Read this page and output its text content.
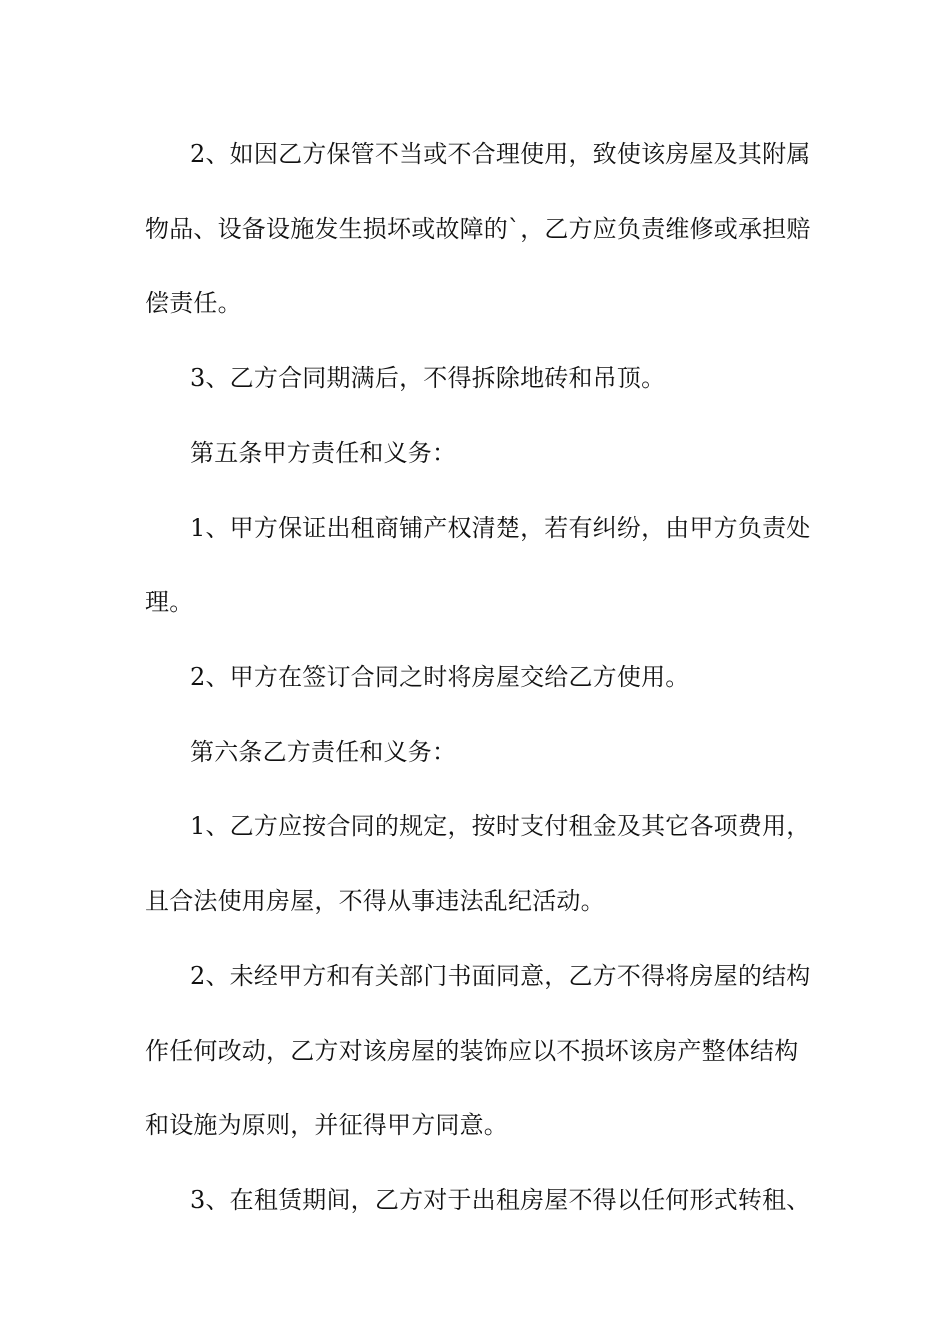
2、如因乙方保管不当或不合理使用，致使该房屋及其附属
物品、设备设施发生损坏或故障的`，乙方应负责维修或承担赔
偿责任。
3、乙方合同期满后，不得拆除地砖和吊顶。
第五条甲方责任和义务：
1、甲方保证出租商铺产权清楚，若有纠纷，由甲方负责处
理。
2、甲方在签订合同之时将房屋交给乙方使用。
第六条乙方责任和义务：
1、乙方应按合同的规定，按时支付租金及其它各项费用，
且合法使用房屋，不得从事违法乱纪活动。
2、未经甲方和有关部门书面同意，乙方不得将房屋的结构
作任何改动，乙方对该房屋的装饰应以不损坏该房产整体结构
和设施为原则，并征得甲方同意。
3、在租赁期间，乙方对于出租房屋不得以任何形式转租、
